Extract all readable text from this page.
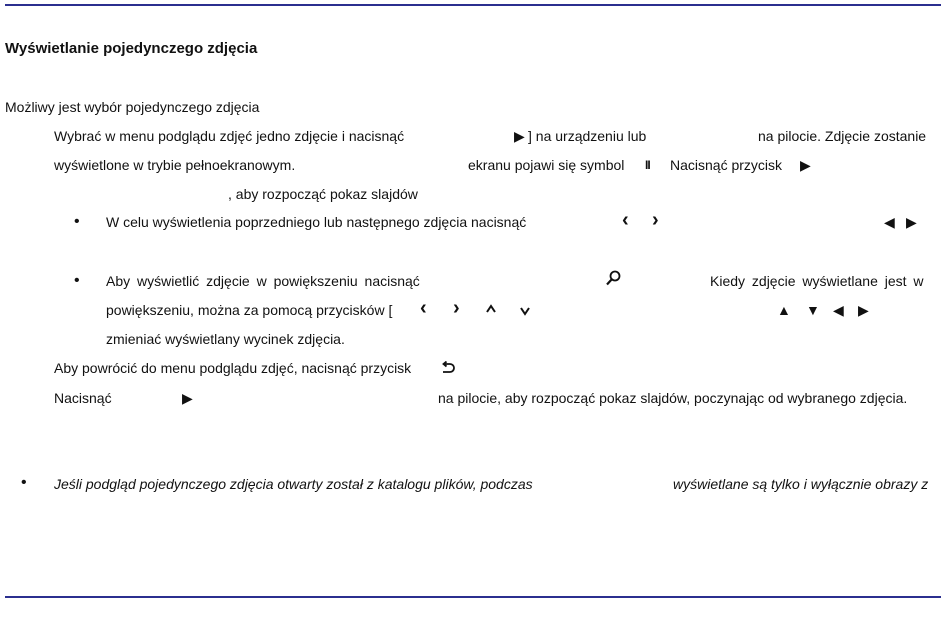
Wyświetlanie pojedynczego zdjęcia
Możliwy jest wybór pojedynczego zdjęcia
Wybrać w menu podglądu zdjęć jedno zdjęcie i nacisnąć	▶ ] na urządzeniu lub	na pilocie. Zdjęcie zostanie
wyświetlone w trybie pełnoekranowym.	ekranu pojawi się symbol II Nacisnąć przycisk ▶
, aby rozpocząć pokaz slajdów
• W celu wyświetlenia poprzedniego lub następnego zdjęcia nacisnąć	‹ ›	◀ ▶
• Aby wyświetlić zdjęcie w powiększeniu nacisnąć	Kiedy zdjęcie wyświetlane jest w
powiększeniu, można za pomocą przycisków [ ‹ ›	▲ ▼ ◀ ▶
zmieniać wyświetlany wycinek zdjęcia.
Aby powrócić do menu podglądu zdjęć, nacisnąć przycisk
Nacisnąć	▶	na pilocie, aby rozpocząć pokaz slajdów, poczynając od wybranego zdjęcia.
• Jeśli podgląd pojedynczego zdjęcia otwarty został z katalogu plików, podczas	wyświetlane są tylko i wyłącznie obrazy z
